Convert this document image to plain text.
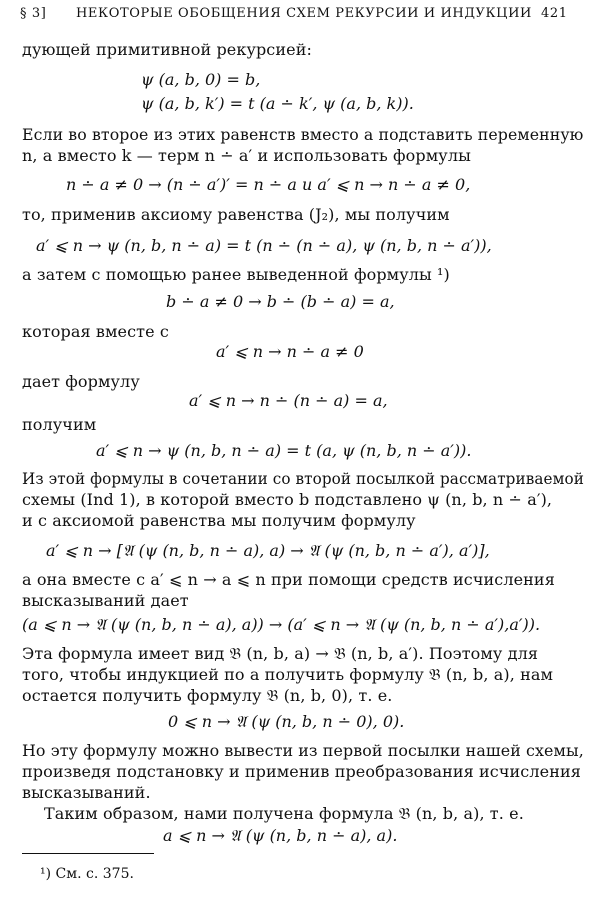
§ 3] НЕКОТОРЫЕ ОБОБЩЕНИЯ СХЕМ РЕКУРСИИ И ИНДУКЦИИ 421
дующей примитивной рекурсией:
ψ (a, b, 0) = b,
ψ (a, b, k′) = t (a ∸ k′, ψ (a, b, k)).
Если во второе из этих равенств вместо a подставить переменную
n, а вместо k — терм n ∸ a′ и использовать формулы
n ∸ a ≠ 0 → (n ∸ a′)′ = n ∸ a и a′ ⩽ n → n ∸ a ≠ 0,
то, применив аксиому равенства (J₂), мы получим
a′ ⩽ n → ψ (n, b, n ∸ a) = t (n ∸ (n ∸ a), ψ (n, b, n ∸ a′)),
а затем с помощью ранее выведенной формулы ¹)
b ∸ a ≠ 0 → b ∸ (b ∸ a) = a,
которая вместе с
a′ ⩽ n → n ∸ a ≠ 0
дает формулу
a′ ⩽ n → n ∸ (n ∸ a) = a,
получим
a′ ⩽ n → ψ (n, b, n ∸ a) = t (a, ψ (n, b, n ∸ a′)).
Из этой формулы в сочетании со второй посылкой рассматриваемой
схемы (Ind 1), в которой вместо b подставлено ψ (n, b, n ∸ a′),
и с аксиомой равенства мы получим формулу
a′ ⩽ n → [𝔄 (ψ (n, b, n ∸ a), a) → 𝔄 (ψ (n, b, n ∸ a′), a′)],
а она вместе с a′ ⩽ n → a ⩽ n при помощи средств исчисления
высказываний дает
(a ⩽ n → 𝔄 (ψ (n, b, n ∸ a), a)) → (a′ ⩽ n → 𝔄 (ψ (n, b, n ∸ a′),a′)).
Эта формула имеет вид 𝔅 (n, b, a) → 𝔅 (n, b, a′). Поэтому для
того, чтобы индукцией по a получить формулу 𝔅 (n, b, a), нам
остается получить формулу 𝔅 (n, b, 0), т. е.
0 ⩽ n → 𝔄 (ψ (n, b, n ∸ 0), 0).
Но эту формулу можно вывести из первой посылки нашей схемы,
произведя подстановку и применив преобразования исчисления
высказываний.
Таким образом, нами получена формула 𝔅 (n, b, a), т. е.
a ⩽ n → 𝔄 (ψ (n, b, n ∸ a), a).
¹) См. с. 375.
